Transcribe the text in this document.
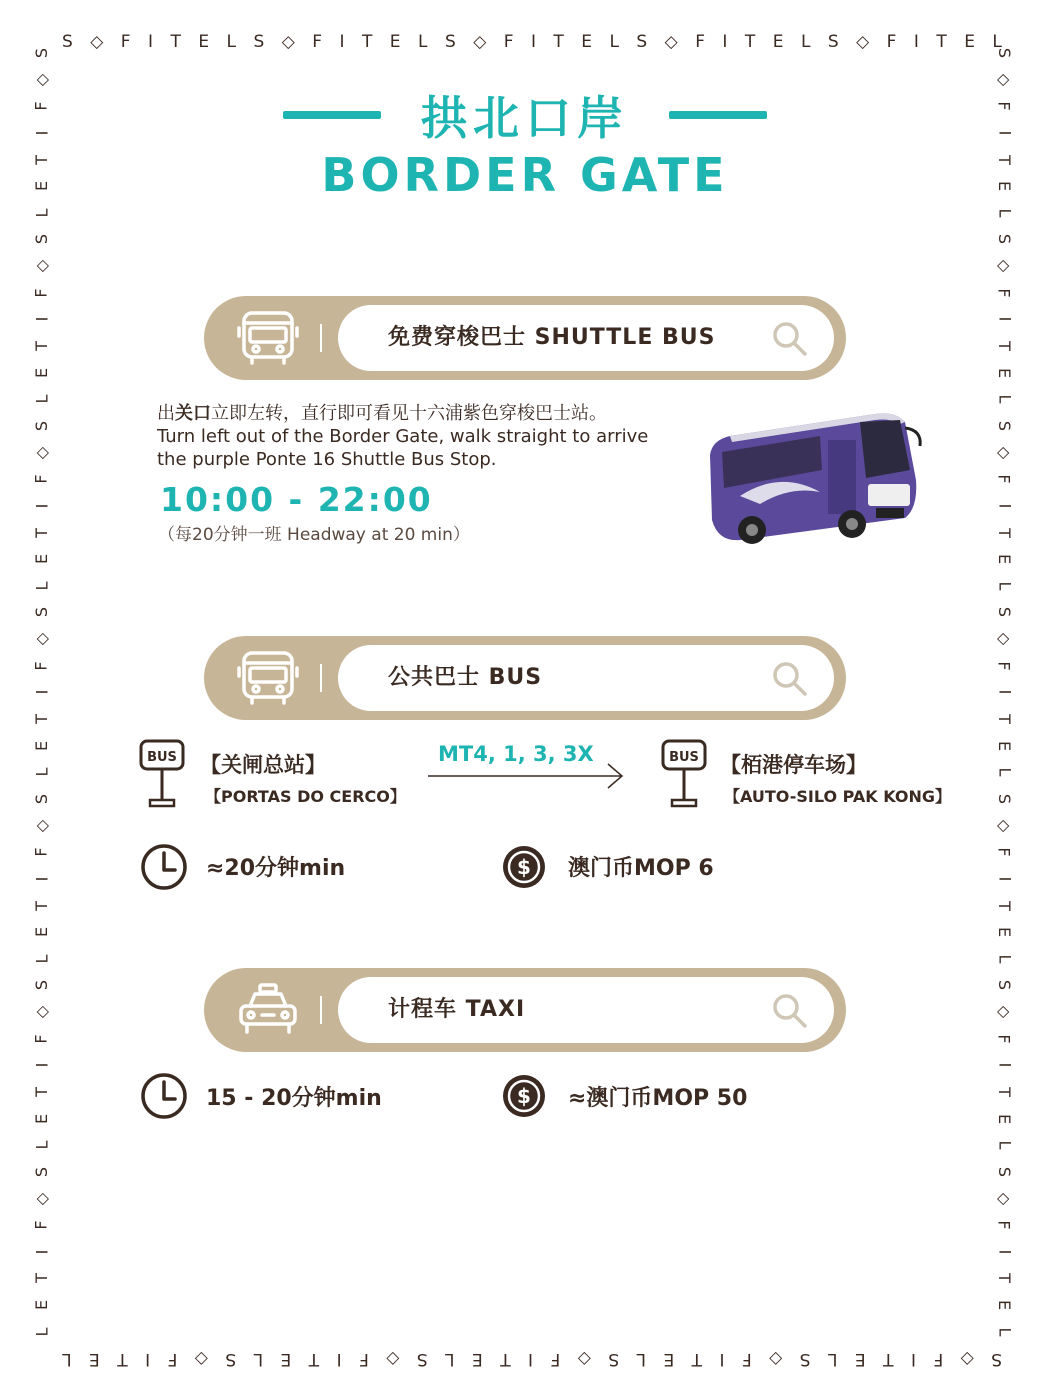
S ◇ F I T E L S ◇ F I T E L S ◇ F I T E L S ◇ F I T E L S ◇ F I T E L
S
◇
F
I
T
E
L
S
◇
F
I
T
E
L
S
◇
F
I
T
E
L
S
◇
F
I
T
E
L
S
◇
F
I
T
E
L
S
◇
F
I
T
E
L
S
◇
F
I
T
E
L
S
◇
F
I
T
E
L
S
◇
F
I
T
E
L
S
◇
F
I
T
E
L
S
◇
F
I
T
E
L
S
◇
F
I
T
E
L
S
◇
F
I
T
E
L
S
◇
F
I
T
E
L
S
◇
F
I
T
E
L
S
◇
F
I
T
E
L
S
◇
F
I
T
E
L
S
◇
F
I
T
E
L
S
◇
F
I
T
E
L
拱北口岸
BORDER GATE
免费穿梭巴士 SHUTTLE BUS
出关口立即左转，直行即可看见十六浦紫色穿梭巴士站。
Turn left out of the Border Gate, walk straight to arrive
the purple Ponte 16 Shuttle Bus Stop.
10:00 - 22:00
（每20分钟一班 Headway at 20 min）
公共巴士 BUS
BUS 【关闸总站】
【PORTAS DO CERCO】
MT4, 1, 3, 3X	BUS 【栢港停车场】
【AUTO-SILO PAK KONG】
≈20分钟min	$ 澳门币MOP 6
计程车 TAXI
15 - 20分钟min	$ ≈澳门币MOP 50
